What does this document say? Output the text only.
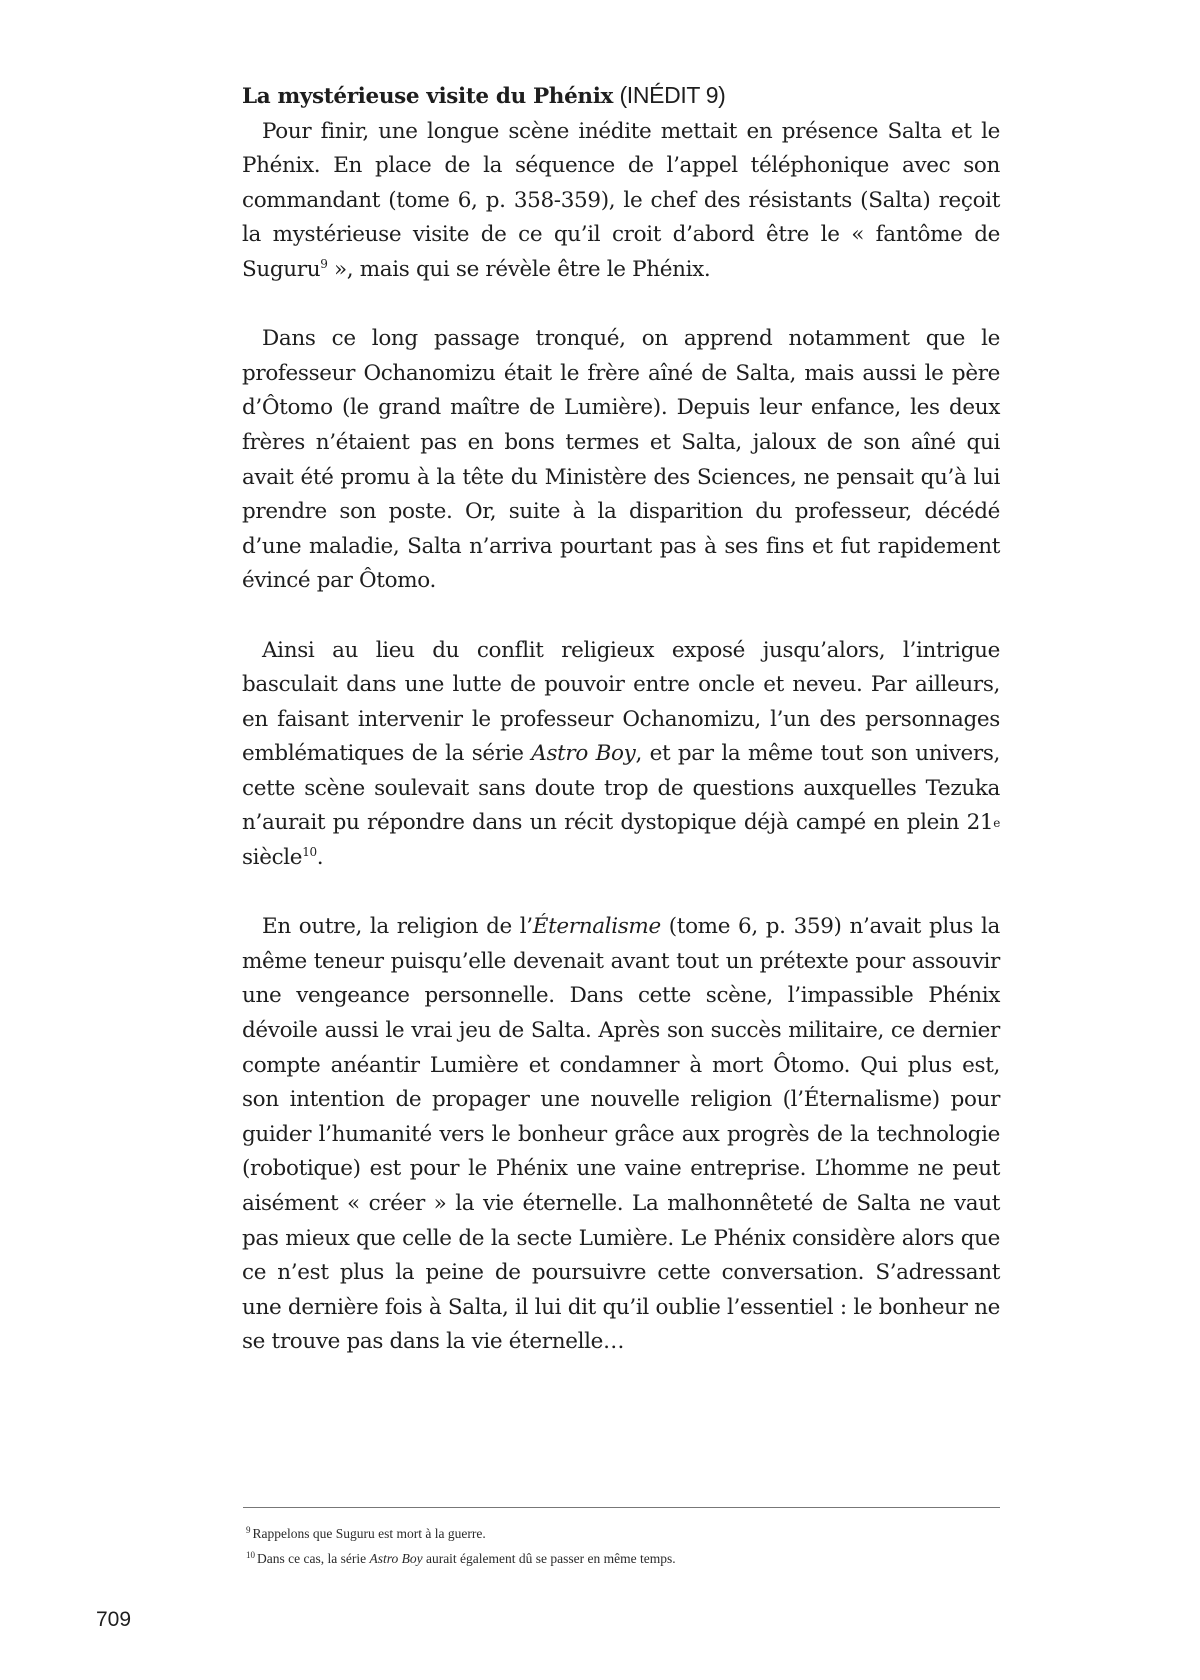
La mystérieuse visite du Phénix (INÉDIT 9)

Pour finir, une longue scène inédite mettait en présence Salta et le Phénix. En place de la séquence de l’appel téléphonique avec son commandant (tome 6, p. 358-359), le chef des résistants (Salta) reçoit la mystérieuse visite de ce qu’il croit d’abord être le « fantôme de Suguru$^9$ », mais qui se révèle être le Phénix.

Dans ce long passage tronqué, on apprend notamment que le professeur Ochanomizu était le frère aîné de Salta, mais aussi le père d’Ôtomo (le grand maître de Lumière). Depuis leur enfance, les deux frères n’étaient pas en bons termes et Salta, jaloux de son aîné qui avait été promu à la tête du Ministère des Sciences, ne pensait qu’à lui prendre son poste. Or, suite à la disparition du professeur, décédé d’une maladie, Salta n’arriva pourtant pas à ses fins et fut rapidement évincé par Ôtomo.

Ainsi au lieu du conflit religieux exposé jusqu’alors, l’intrigue basculait dans une lutte de pouvoir entre oncle et neveu. Par ailleurs, en faisant intervenir le professeur Ochanomizu, l’un des personnages emblématiques de la série Astro Boy, et par la même tout son univers, cette scène soulevait sans doute trop de questions auxquelles Tezuka n’aurait pu répondre dans un récit dystopique déjà campé en plein 21e siècle$^{10}$.

En outre, la religion de l’Éternalisme (tome 6, p. 359) n’avait plus la même teneur puisqu’elle devenait avant tout un prétexte pour assouvir une vengeance personnelle. Dans cette scène, l’impassible Phénix dévoile aussi le vrai jeu de Salta. Après son succès militaire, ce dernier compte anéantir Lumière et condamner à mort Ôtomo. Qui plus est, son intention de propager une nouvelle religion (l’Éternalisme) pour guider l’humanité vers le bonheur grâce aux progrès de la technologie (robotique) est pour le Phénix une vaine entreprise. L’homme ne peut aisément « créer » la vie éternelle. La malhonnêteté de Salta ne vaut pas mieux que celle de la secte Lumière. Le Phénix considère alors que ce n’est plus la peine de poursuivre cette conversation. S’adressant une dernière fois à Salta, il lui dit qu’il oublie l’essentiel : le bonheur ne se trouve pas dans la vie éternelle…

$^9$ Rappelons que Suguru est mort à la guerre.

$^{10}$ Dans ce cas, la série Astro Boy aurait également dû se passer en même temps.

709
